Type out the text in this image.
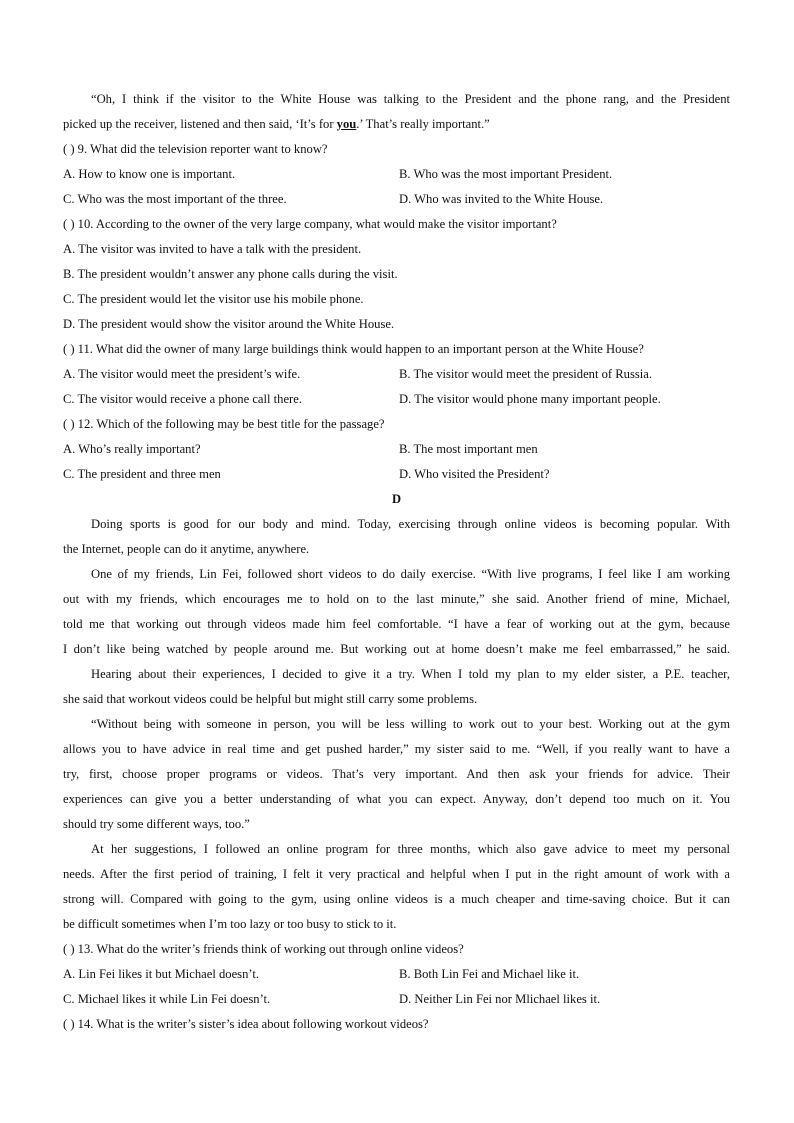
“Oh, I think if the visitor to the White House was talking to the President and the phone rang, and the President
picked up the receiver, listened and then said, ‘It’s for you.’ That’s really important.”
( ) 9. What did the television reporter want to know?
A. How to know one is important.	B. Who was the most important President.
C. Who was the most important of the three.	D. Who was invited to the White House.
( ) 10. According to the owner of the very large company, what would make the visitor important?
A. The visitor was invited to have a talk with the president.
B. The president wouldn’t answer any phone calls during the visit.
C. The president would let the visitor use his mobile phone.
D. The president would show the visitor around the White House.
( ) 11. What did the owner of many large buildings think would happen to an important person at the White House?
A. The visitor would meet the president’s wife.	B. The visitor would meet the president of Russia.
C. The visitor would receive a phone call there.	D. The visitor would phone many important people.
( ) 12. Which of the following may be best title for the passage?
A. Who’s really important?	B. The most important men
C. The president and three men	D. Who visited the President?
D
Doing sports is good for our body and mind. Today, exercising through online videos is becoming popular. With
the Internet, people can do it anytime, anywhere.
One of my friends, Lin Fei, followed short videos to do daily exercise. “With live programs, I feel like I am working
out with my friends, which encourages me to hold on to the last minute,” she said. Another friend of mine, Michael,
told me that working out through videos made him feel comfortable. “I have a fear of working out at the gym, because
I don’t like being watched by people around me. But working out at home doesn’t make me feel embarrassed,” he said.
Hearing about their experiences, I decided to give it a try. When I told my plan to my elder sister, a P.E. teacher,
she said that workout videos could be helpful but might still carry some problems.
“Without being with someone in person, you will be less willing to work out to your best. Working out at the gym
allows you to have advice in real time and get pushed harder,” my sister said to me. “Well, if you really want to have a
try, first, choose proper programs or videos. That’s very important. And then ask your friends for advice. Their
experiences can give you a better understanding of what you can expect. Anyway, don’t depend too much on it. You
should try some different ways, too.”
At her suggestions, I followed an online program for three months, which also gave advice to meet my personal
needs. After the first period of training, I felt it very practical and helpful when I put in the right amount of work with a
strong will. Compared with going to the gym, using online videos is a much cheaper and time-saving choice. But it can
be difficult sometimes when I’m too lazy or too busy to stick to it.
( ) 13. What do the writer’s friends think of working out through online videos?
A. Lin Fei likes it but Michael doesn’t.	B. Both Lin Fei and Michael like it.
C. Michael likes it while Lin Fei doesn’t.	D. Neither Lin Fei nor Mlichael likes it.
( ) 14. What is the writer’s sister’s idea about following workout videos?
